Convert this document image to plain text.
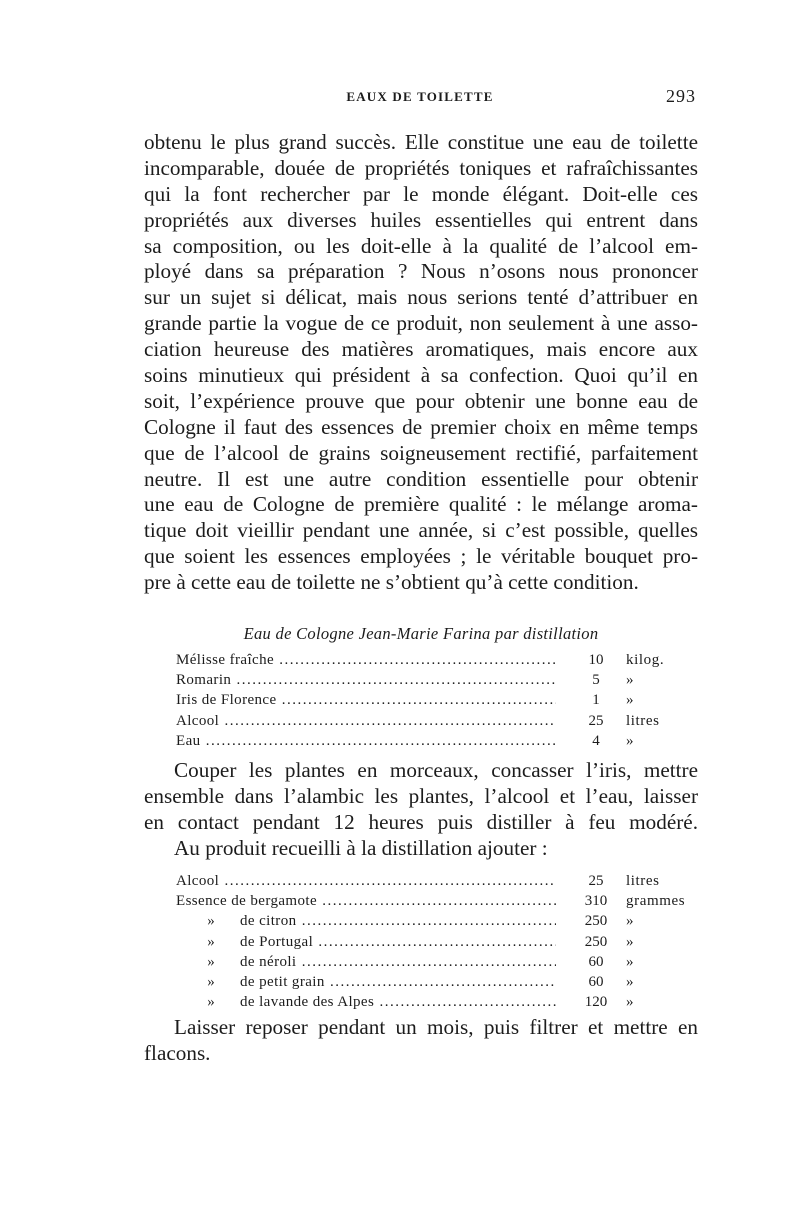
EAUX DE TOILETTE	293
obtenu le plus grand succès. Elle constitue une eau de toilette
incomparable, douée de propriétés toniques et rafraîchissantes
qui la font rechercher par le monde élégant. Doit-elle ces
propriétés aux diverses huiles essentielles qui entrent dans
sa composition, ou les doit-elle à la qualité de l’alcool em-
ployé dans sa préparation ? Nous n’osons nous prononcer
sur un sujet si délicat, mais nous serions tenté d’attribuer en
grande partie la vogue de ce produit, non seulement à une asso-
ciation heureuse des matières aromatiques, mais encore aux
soins minutieux qui président à sa confection. Quoi qu’il en
soit, l’expérience prouve que pour obtenir une bonne eau de
Cologne il faut des essences de premier choix en même temps
que de l’alcool de grains soigneusement rectifié, parfaitement
neutre. Il est une autre condition essentielle pour obtenir
une eau de Cologne de première qualité : le mélange aroma-
tique doit vieillir pendant une année, si c’est possible, quelles
que soient les essences employées ; le véritable bouquet pro-
pre à cette eau de toilette ne s’obtient qu’à cette condition.
Eau de Cologne Jean-Marie Farina par distillation
Mélisse fraîche .....	10	kilog.
Romarin .....	5	»
Iris de Florence .....	1	»
Alcool .....	25	litres
Eau .....	4	»
Couper les plantes en morceaux, concasser l’iris, mettre
ensemble dans l’alambic les plantes, l’alcool et l’eau, laisser
en contact pendant 12 heures puis distiller à feu modéré.
Au produit recueilli à la distillation ajouter :
Alcool .....	25	litres
Essence de bergamote .....	310	grammes
» de citron .....	250	»
» de Portugal .....	250	»
» de néroli .....	60	»
» de petit grain .....	60	»
» de lavande des Alpes .....	120	»
Laisser reposer pendant un mois, puis filtrer et mettre en
flacons.
